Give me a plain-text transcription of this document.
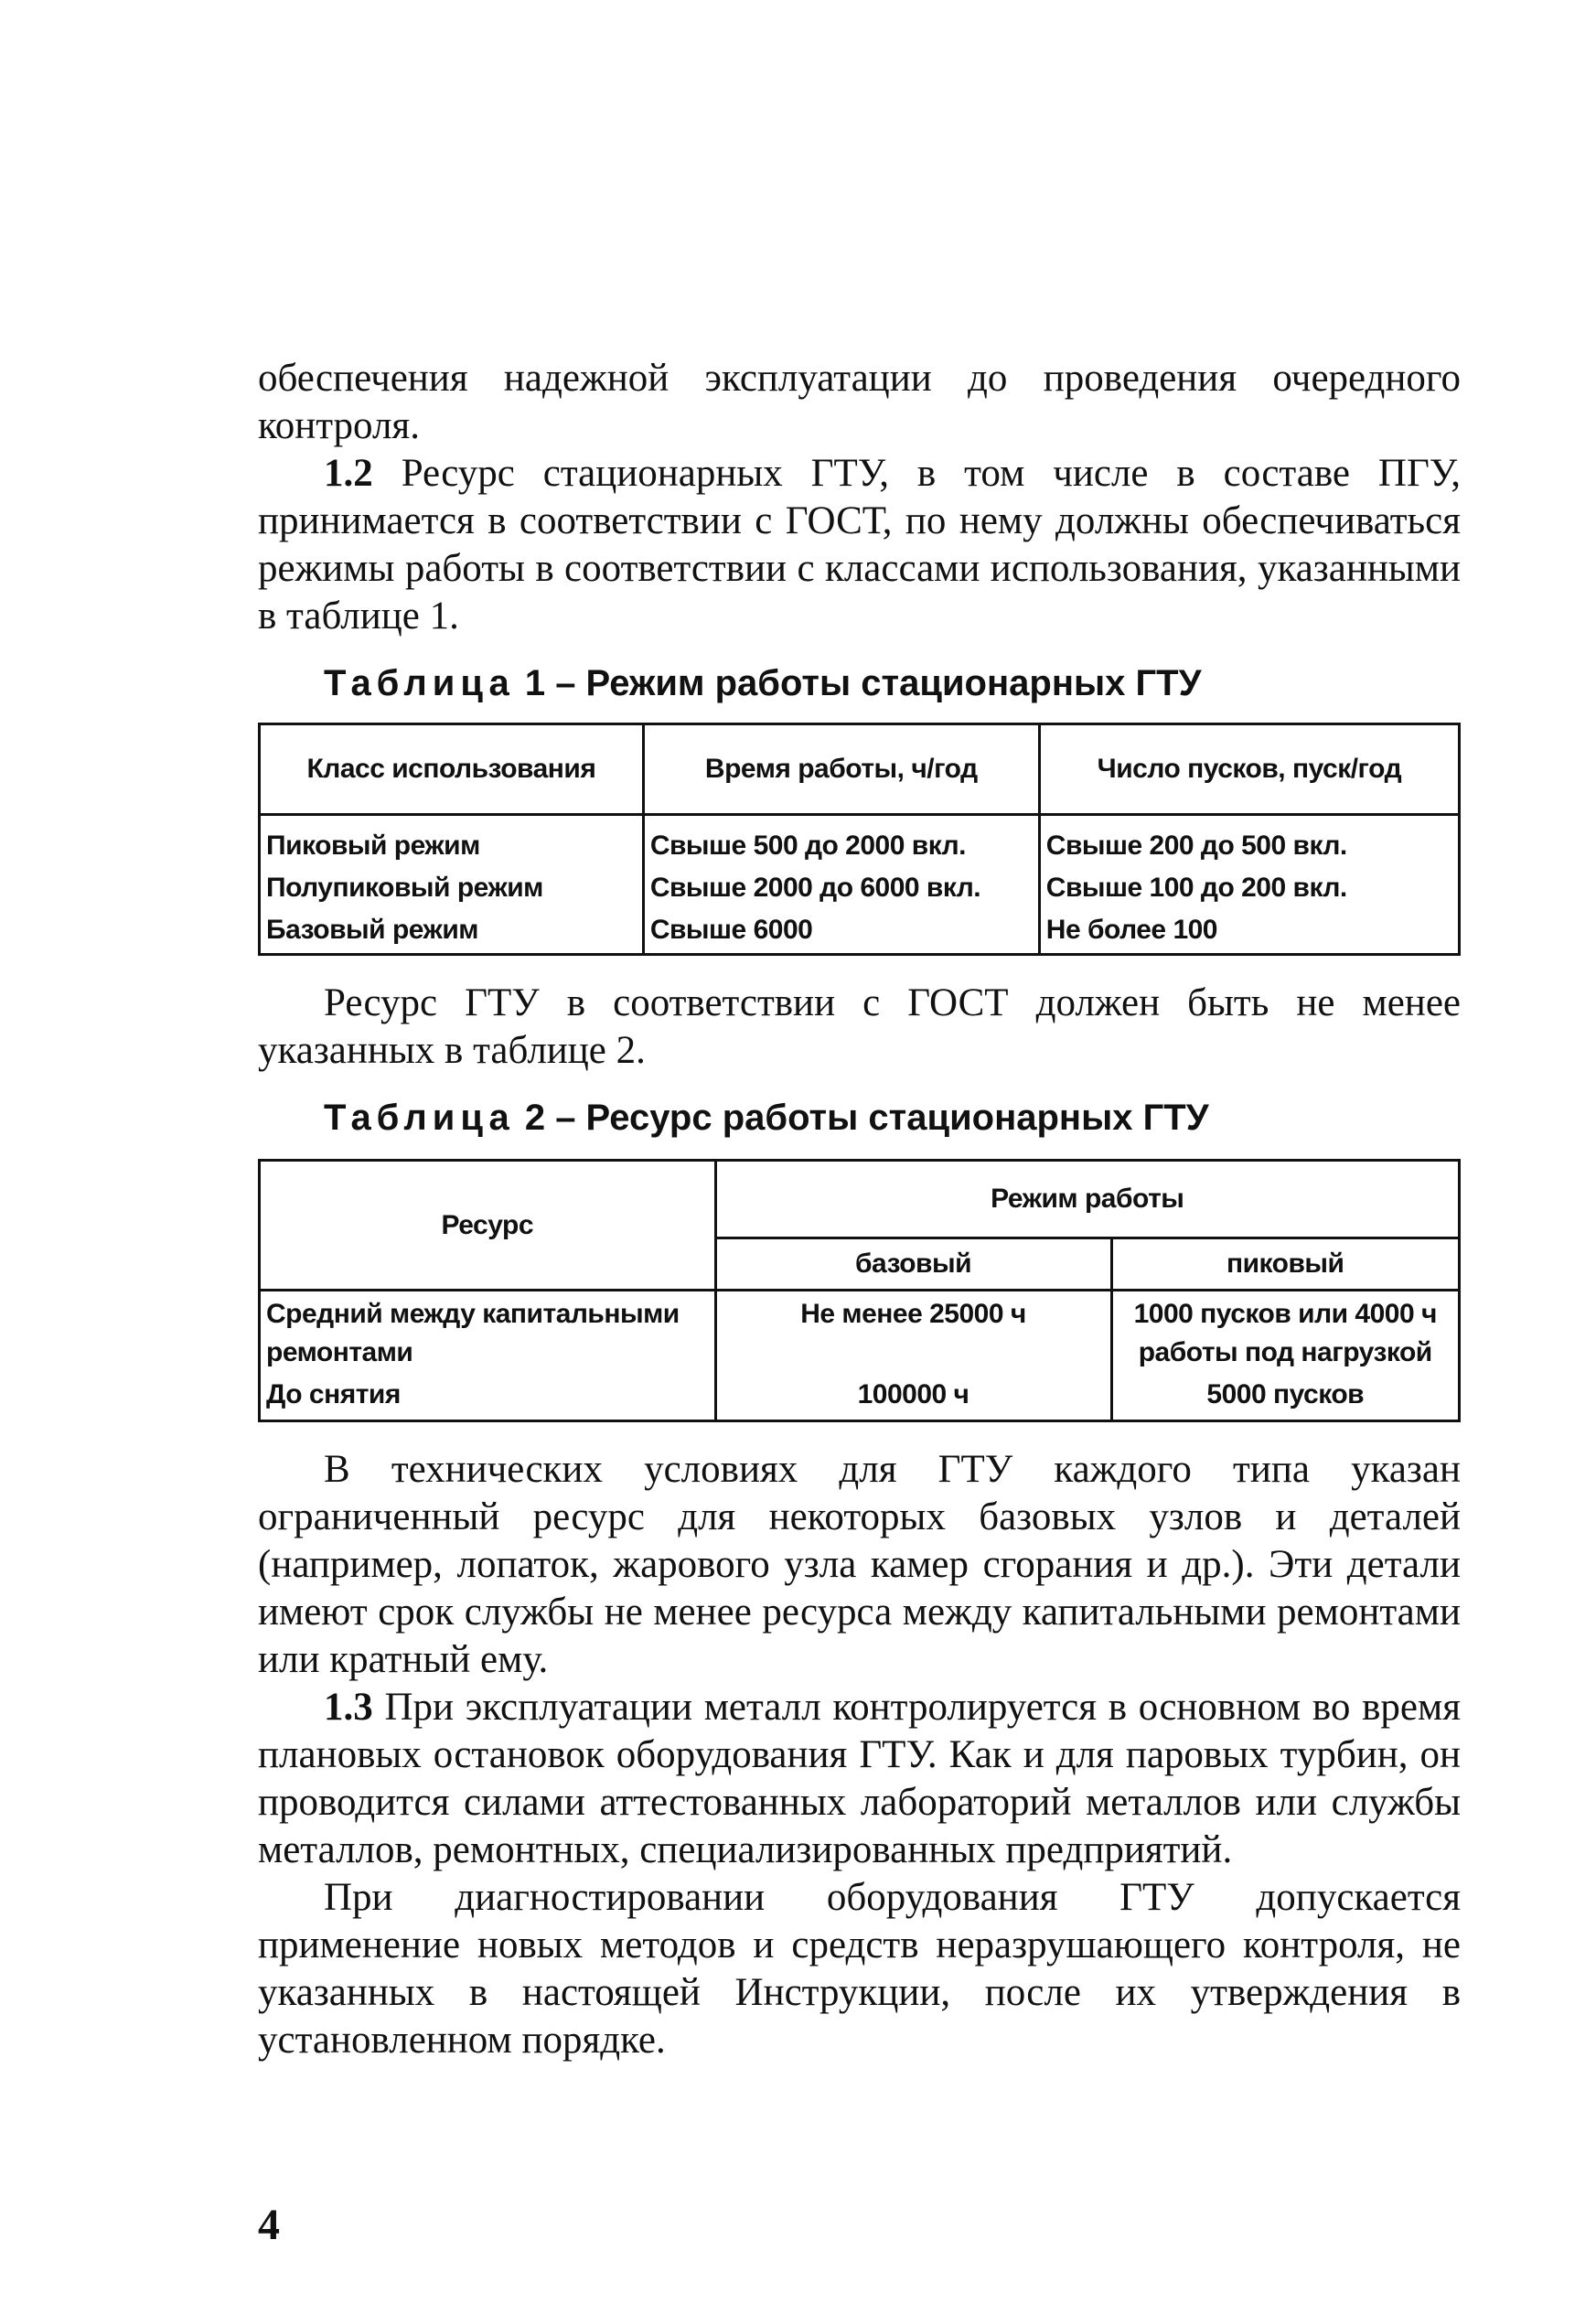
обеспечения надежной эксплуатации до проведения очередного контроля.

1.2 Ресурс стационарных ГТУ, в том числе в составе ПГУ, принимается в соответствии с ГОСТ, по нему должны обеспечиваться режимы работы в соответствии с классами использования, указанными в таблице 1.

Таблица 1 – Режим работы стационарных ГТУ

Класс использования	Время работы, ч/год	Число пусков, пуск/год
Пиковый режим	Свыше 500 до 2000 вкл.	Свыше 200 до 500 вкл.
Полупиковый режим	Свыше 2000 до 6000 вкл.	Свыше 100 до 200 вкл.
Базовый режим	Свыше 6000	Не более 100

Ресурс ГТУ в соответствии с ГОСТ должен быть не менее указанных в таблице 2.

Таблица 2 – Ресурс работы стационарных ГТУ

Ресурс	Режим работы	
	базовый	пиковый
Средний между капитальными ремонтами	Не менее 25000 ч	1000 пусков или 4000 ч работы под нагрузкой
До снятия	100000 ч	5000 пусков

В технических условиях для ГТУ каждого типа указан ограниченный ресурс для некоторых базовых узлов и деталей (например, лопаток, жарового узла камер сгорания и др.). Эти детали имеют срок службы не менее ресурса между капитальными ремонтами или кратный ему.

1.3 При эксплуатации металл контролируется в основном во время плановых остановок оборудования ГТУ. Как и для паровых турбин, он проводится силами аттестованных лабораторий металлов или службы металлов, ремонтных, специализированных предприятий.

При диагностировании оборудования ГТУ допускается применение новых методов и средств неразрушающего контроля, не указанных в настоящей Инструкции, после их утверждения в установленном порядке.

4
